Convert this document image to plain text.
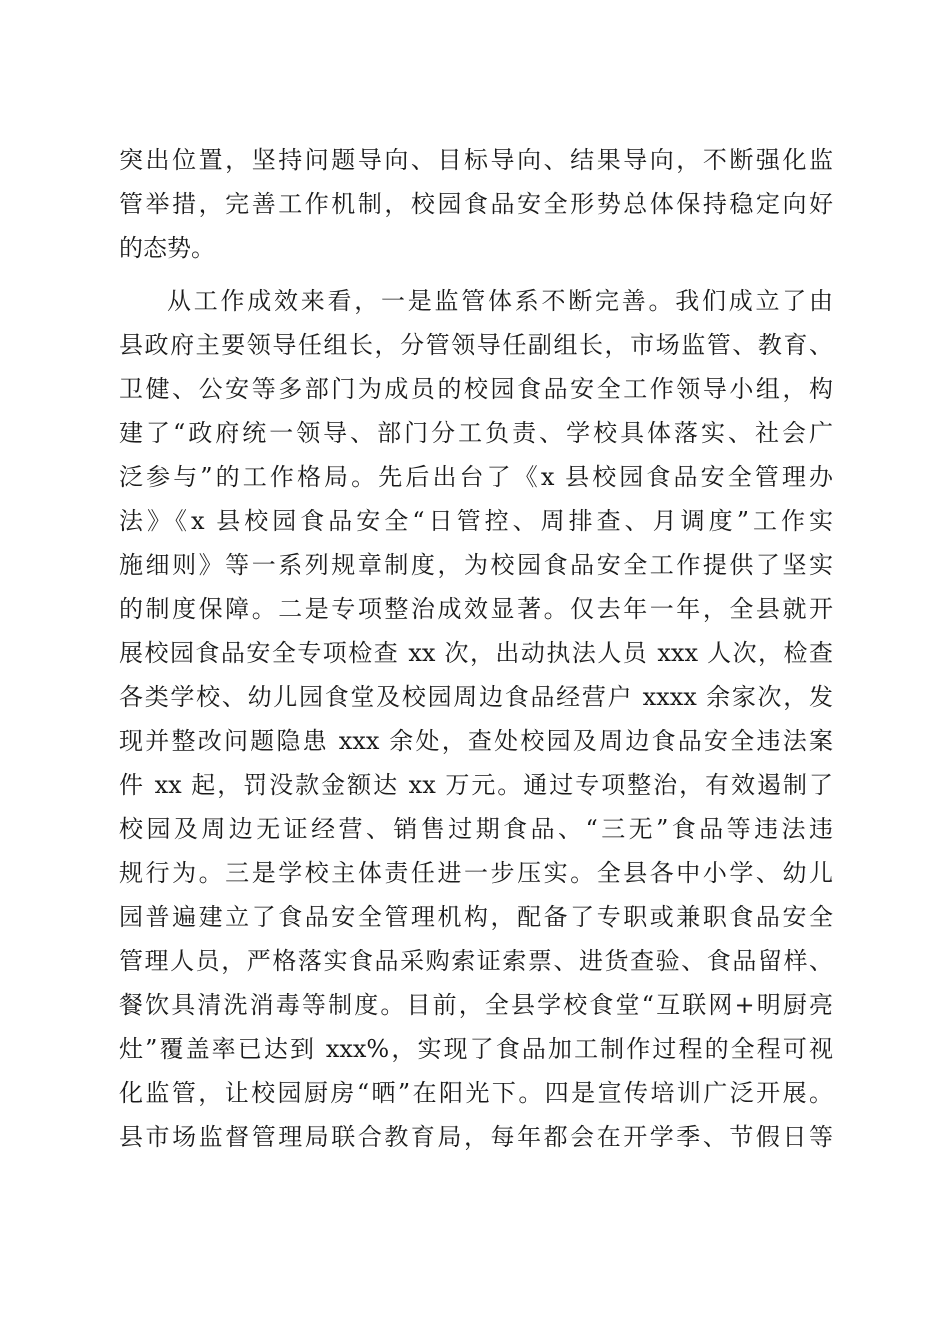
突出位置，坚持问题导向、目标导向、结果导向，不断强化监
管举措，完善工作机制，校园食品安全形势总体保持稳定向好
的态势。
从工作成效来看，一是监管体系不断完善。我们成立了由
县政府主要领导任组长，分管领导任副组长，市场监管、教育、
卫健、公安等多部门为成员的校园食品安全工作领导小组，构
建了“政府统一领导、部门分工负责、学校具体落实、社会广
泛参与”的工作格局。先后出台了《x 县校园食品安全管理办
法》《x 县校园食品安全“日管控、周排查、月调度”工作实
施细则》等一系列规章制度，为校园食品安全工作提供了坚实
的制度保障。二是专项整治成效显著。仅去年一年，全县就开
展校园食品安全专项检查 xx 次，出动执法人员 xxx 人次，检查
各类学校、幼儿园食堂及校园周边食品经营户 xxxx 余家次，发
现并整改问题隐患 xxx 余处，查处校园及周边食品安全违法案
件 xx 起，罚没款金额达 xx 万元。通过专项整治，有效遏制了
校园及周边无证经营、销售过期食品、“三无”食品等违法违
规行为。三是学校主体责任进一步压实。全县各中小学、幼儿
园普遍建立了食品安全管理机构，配备了专职或兼职食品安全
管理人员，严格落实食品采购索证索票、进货查验、食品留样、
餐饮具清洗消毒等制度。目前，全县学校食堂“互联网+明厨亮
灶”覆盖率已达到 xxx%，实现了食品加工制作过程的全程可视
化监管，让校园厨房“晒”在阳光下。四是宣传培训广泛开展。
县市场监督管理局联合教育局，每年都会在开学季、节假日等
